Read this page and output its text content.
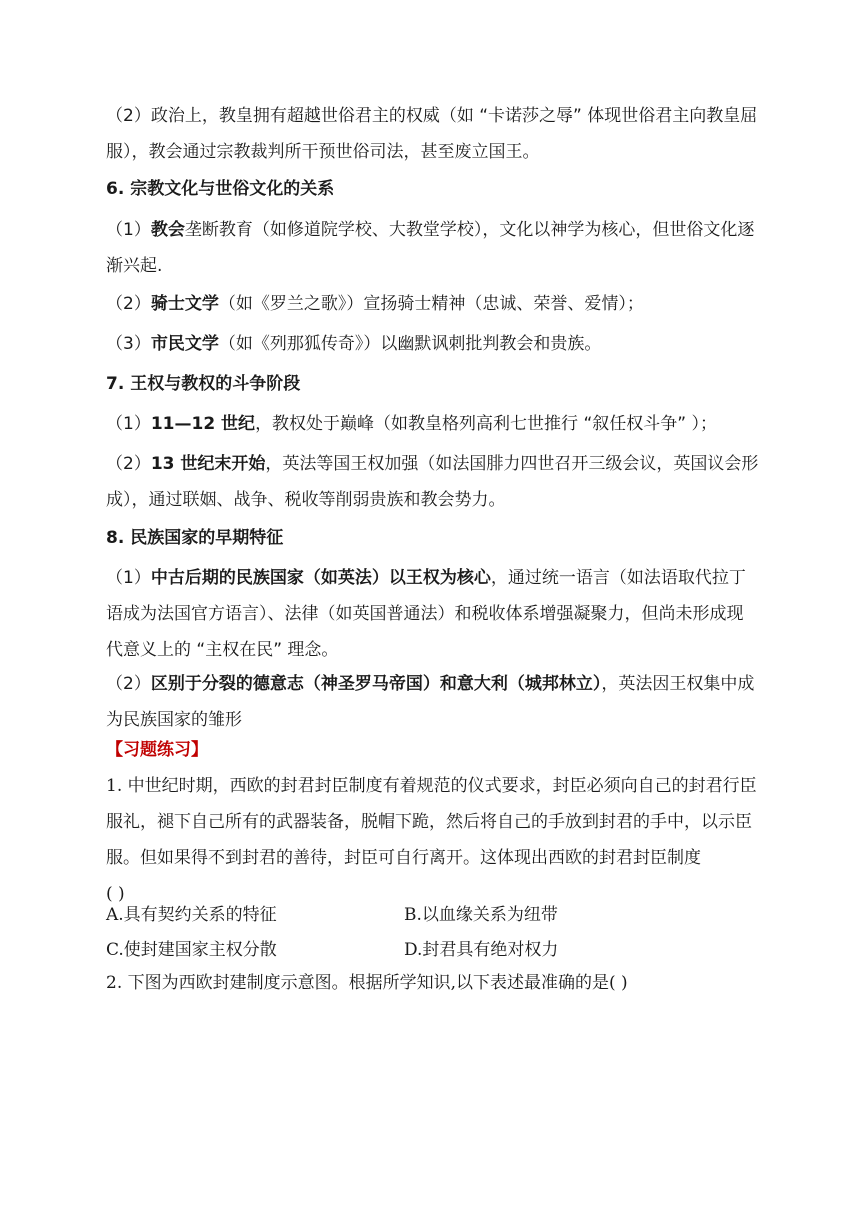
（2）政治上，教皇拥有超越世俗君主的权威（如 “卡诺莎之辱” 体现世俗君主向教皇屈服），教会通过宗教裁判所干预世俗司法，甚至废立国王。
6. 宗教文化与世俗文化的关系
（1）教会垄断教育（如修道院学校、大教堂学校），文化以神学为核心，但世俗文化逐渐兴起.
（2）骑士文学（如《罗兰之歌》）宣扬骑士精神（忠诚、荣誉、爱情）；
（3）市民文学（如《列那狐传奇》）以幽默讽刺批判教会和贵族。
7. 王权与教权的斗争阶段
（1）11—12 世纪，教权处于巅峰（如教皇格列高利七世推行 “叙任权斗争” ）；
（2）13 世纪末开始，英法等国王权加强（如法国腓力四世召开三级会议，英国议会形成），通过联姻、战争、税收等削弱贵族和教会势力。
8. 民族国家的早期特征
（1）中古后期的民族国家（如英法）以王权为核心，通过统一语言（如法语取代拉丁语成为法国官方语言）、法律（如英国普通法）和税收体系增强凝聚力，但尚未形成现代意义上的 “主权在民” 理念。
（2）区别于分裂的德意志（神圣罗马帝国）和意大利（城邦林立），英法因王权集中成为民族国家的雏形
【习题练习】
1. 中世纪时期，西欧的封君封臣制度有着规范的仪式要求，封臣必须向自己的封君行臣服礼，褪下自己所有的武器装备，脱帽下跪，然后将自己的手放到封君的手中，以示臣服。但如果得不到封君的善待，封臣可自行离开。这体现出西欧的封君封臣制度
( )
A.具有契约关系的特征	B.以血缘关系为纽带
C.使封建国家主权分散	D.封君具有绝对权力
2. 下图为西欧封建制度示意图。根据所学知识,以下表述最准确的是( )
